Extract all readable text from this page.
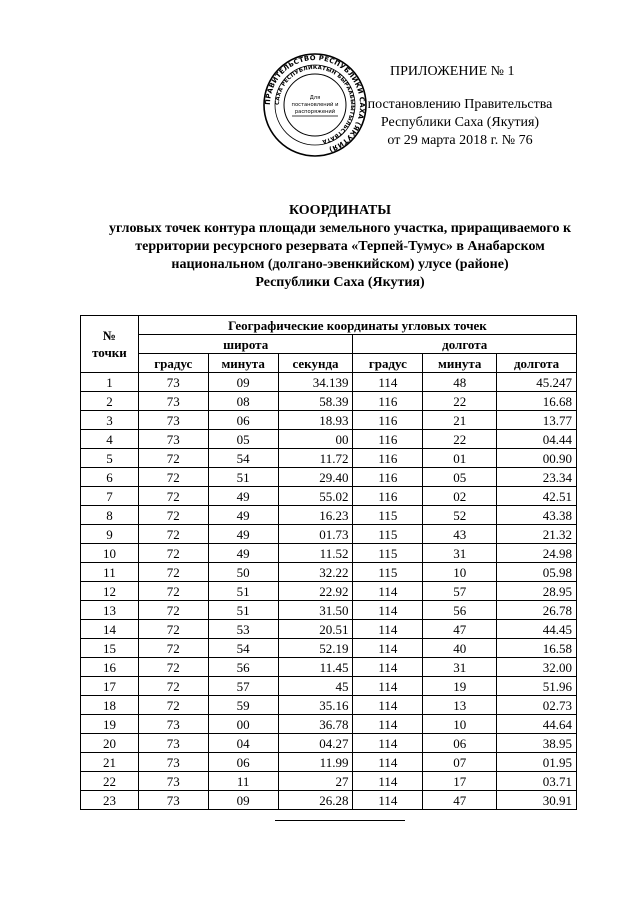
ПРАВИТЕЛЬСТВО РЕСПУБЛИКИ САХА (ЯКУТИЯ)
САХА РЕСПУБЛИКАТЫН БЫРААБЫЫТЫЛЬСТВАТА
Для
постановлений и
распоряжений
ПРИЛОЖЕНИЕ № 1
постановлению Правительства
Республики Саха (Якутия)
от 29 марта 2018 г. № 76
КООРДИНАТЫ
угловых точек контура площади земельного участка, приращиваемого к
территории ресурсного резервата «Терпей-Тумус» в Анабарском
национальном (долгано-эвенкийском) улусе (районе)
Республики Саха (Якутия)
№
точки	Географические координаты угловых точек					
	широта			долгота		
	градус	минута	секунда	градус	минута	долгота
1	73	09	34.139	114	48	45.247
2	73	08	58.39	116	22	16.68
3	73	06	18.93	116	21	13.77
4	73	05	00	116	22	04.44
5	72	54	11.72	116	01	00.90
6	72	51	29.40	116	05	23.34
7	72	49	55.02	116	02	42.51
8	72	49	16.23	115	52	43.38
9	72	49	01.73	115	43	21.32
10	72	49	11.52	115	31	24.98
11	72	50	32.22	115	10	05.98
12	72	51	22.92	114	57	28.95
13	72	51	31.50	114	56	26.78
14	72	53	20.51	114	47	44.45
15	72	54	52.19	114	40	16.58
16	72	56	11.45	114	31	32.00
17	72	57	45	114	19	51.96
18	72	59	35.16	114	13	02.73
19	73	00	36.78	114	10	44.64
20	73	04	04.27	114	06	38.95
21	73	06	11.99	114	07	01.95
22	73	11	27	114	17	03.71
23	73	09	26.28	114	47	30.91
